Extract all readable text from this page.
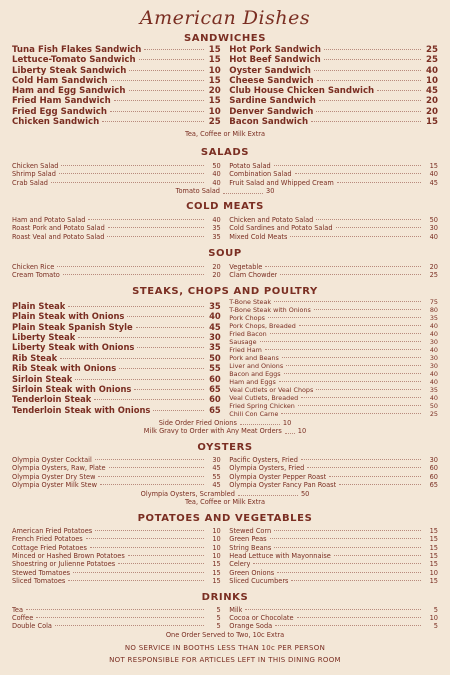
American Dishes
SANDWICHES
Tuna Fish Flakes Sandwich	15
Lettuce-Tomato Sandwich	15
Liberty Steak Sandwich	10
Cold Ham Sandwich	15
Ham and Egg Sandwich	20
Fried Ham Sandwich	15
Fried Egg Sandwich	10
Chicken Sandwich	25
Hot Pork Sandwich	25
Hot Beef Sandwich	25
Oyster Sandwich	40
Cheese Sandwich	10
Club House Chicken Sandwich	45
Sardine Sandwich	20
Denver Sandwich	20
Bacon Sandwich	15
Tea, Coffee or Milk Extra
SALADS
Chicken Salad	50
Shrimp Salad	40
Crab Salad	40
Potato Salad	15
Combination Salad	40
Fruit Salad and Whipped Cream	45
Tomato Salad	30
COLD MEATS
Ham and Potato Salad	40
Roast Pork and Potato Salad	35
Roast Veal and Potato Salad	35
Chicken and Potato Salad	50
Cold Sardines and Potato Salad	30
Mixed Cold Meats	40
SOUP
Chicken Rice	20
Cream Tomato	20
Vegetable	20
Clam Chowder	25
STEAKS, CHOPS AND POULTRY
Plain Steak	35
Plain Steak with Onions	40
Plain Steak Spanish Style	45
Liberty Steak	30
Liberty Steak with Onions	35
Rib Steak	50
Rib Steak with Onions	55
Sirloin Steak	60
Sirloin Steak with Onions	65
Tenderloin Steak	60
Tenderloin Steak with Onions	65
T-Bone Steak	75
T-Bone Steak with Onions	80
Pork Chops	35
Pork Chops, Breaded	40
Fried Bacon	40
Sausage	30
Fried Ham	40
Pork and Beans	30
Liver and Onions	30
Bacon and Eggs	40
Ham and Eggs	40
Veal Cutlets or Veal Chops	35
Veal Cutlets, Breaded	40
Fried Spring Chicken	50
Chili Con Carne	25
Side Order Fried Onions	10
Milk Gravy to Order with Any Meat Orders 10
OYSTERS
Olympia Oyster Cocktail	30
Olympia Oysters, Raw, Plate	45
Olympia Oyster Dry Stew	55
Olympia Oyster Milk Stew	45
Pacific Oysters, Fried	30
Olympia Oysters, Fried	60
Olympia Oyster Pepper Roast	60
Olympia Oyster Fancy Pan Roast	65
Olympia Oysters, Scrambled	50
Tea, Coffee or Milk Extra
POTATOES AND VEGETABLES
American Fried Potatoes	10
French Fried Potatoes	10
Cottage Fried Potatoes	10
Minced or Hashed Brown Potatoes	10
Shoestring or Julienne Potatoes	15
Stewed Tomatoes	15
Sliced Tomatoes	15
Stewed Corn	15
Green Peas	15
String Beans	15
Head Lettuce with Mayonnaise	15
Celery	15
Green Onions	10
Sliced Cucumbers	15
DRINKS
Tea	5
Coffee	5
Double Cola	5
Milk	5
Cocoa or Chocolate	10
Orange Soda	5
One Order Served to Two, 10c Extra
NO SERVICE IN BOOTHS LESS THAN 10c PER PERSON
NOT RESPONSIBLE FOR ARTICLES LEFT IN THIS DINING ROOM
